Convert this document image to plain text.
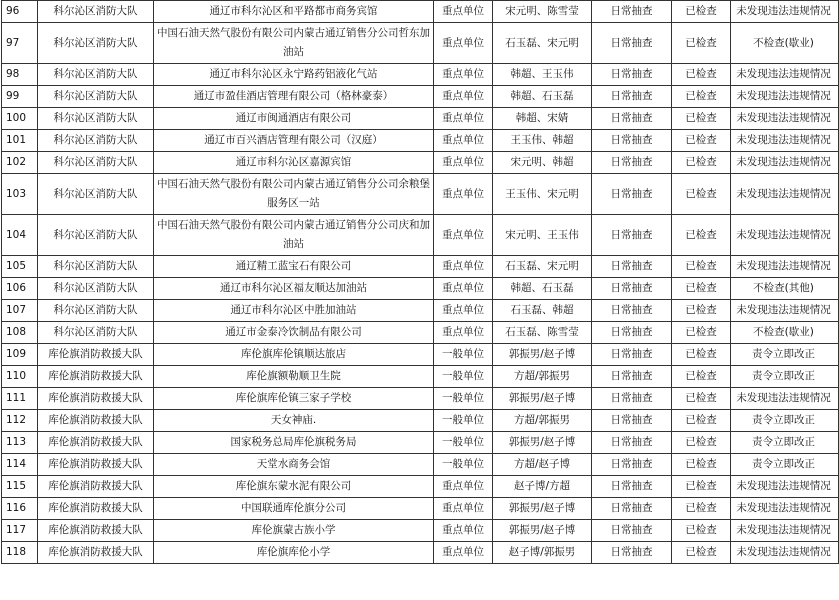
96	科尔沁区消防大队	通辽市科尔沁区和平路都市商务宾馆	重点单位	宋元明、陈雪莹	日常抽查	已检查	未发现违法违规情况
97	科尔沁区消防大队	中国石油天然气股份有限公司内蒙古通辽销售分公司哲东加油站	重点单位	石玉磊、宋元明	日常抽查	已检查	不检查(歇业)
98	科尔沁区消防大队	通辽市科尔沁区永宁路药铝液化气站	重点单位	韩超、王玉伟	日常抽查	已检查	未发现违法违规情况
99	科尔沁区消防大队	通辽市盈佳酒店管理有限公司（格林豪泰）	重点单位	韩超、石玉磊	日常抽查	已检查	未发现违法违规情况
100	科尔沁区消防大队	通辽市闽通酒店有限公司	重点单位	韩超、宋婧	日常抽查	已检查	未发现违法违规情况
101	科尔沁区消防大队	通辽市百兴酒店管理有限公司（汉庭）	重点单位	王玉伟、韩超	日常抽查	已检查	未发现违法违规情况
102	科尔沁区消防大队	通辽市科尔沁区嘉源宾馆	重点单位	宋元明、韩超	日常抽查	已检查	未发现违法违规情况
103	科尔沁区消防大队	中国石油天然气股份有限公司内蒙古通辽销售分公司余粮堡服务区一站	重点单位	王玉伟、宋元明	日常抽查	已检查	未发现违法违规情况
104	科尔沁区消防大队	中国石油天然气股份有限公司内蒙古通辽销售分公司庆和加油站	重点单位	宋元明、王玉伟	日常抽查	已检查	未发现违法违规情况
105	科尔沁区消防大队	通辽精工蓝宝石有限公司	重点单位	石玉磊、宋元明	日常抽查	已检查	未发现违法违规情况
106	科尔沁区消防大队	通辽市科尔沁区福友顺达加油站	重点单位	韩超、石玉磊	日常抽查	已检查	不检查(其他)
107	科尔沁区消防大队	通辽市科尔沁区中胜加油站	重点单位	石玉磊、韩超	日常抽查	已检查	未发现违法违规情况
108	科尔沁区消防大队	通辽市金泰冷饮制品有限公司	重点单位	石玉磊、陈雪莹	日常抽查	已检查	不检查(歇业)
109	库伦旗消防救援大队	库伦旗库伦镇顺达旅店	一般单位	郭振男/赵子博	日常抽查	已检查	责令立即改正
110	库伦旗消防救援大队	库伦旗额勒顺卫生院	一般单位	方超/郭振男	日常抽查	已检查	责令立即改正
111	库伦旗消防救援大队	库伦旗库伦镇三家子学校	一般单位	郭振男/赵子博	日常抽查	已检查	未发现违法违规情况
112	库伦旗消防救援大队	天女神庙.	一般单位	方超/郭振男	日常抽查	已检查	责令立即改正
113	库伦旗消防救援大队	国家税务总局库伦旗税务局	一般单位	郭振男/赵子博	日常抽查	已检查	责令立即改正
114	库伦旗消防救援大队	天堂水商务会馆	一般单位	方超/赵子博	日常抽查	已检查	责令立即改正
115	库伦旗消防救援大队	库伦旗东蒙水泥有限公司	重点单位	赵子博/方超	日常抽查	已检查	未发现违法违规情况
116	库伦旗消防救援大队	中国联通库伦旗分公司	重点单位	郭振男/赵子博	日常抽查	已检查	未发现违法违规情况
117	库伦旗消防救援大队	库伦旗蒙古族小学	重点单位	郭振男/赵子博	日常抽查	已检查	未发现违法违规情况
118	库伦旗消防救援大队	库伦旗库伦小学	重点单位	赵子博/郭振男	日常抽查	已检查	未发现违法违规情况
